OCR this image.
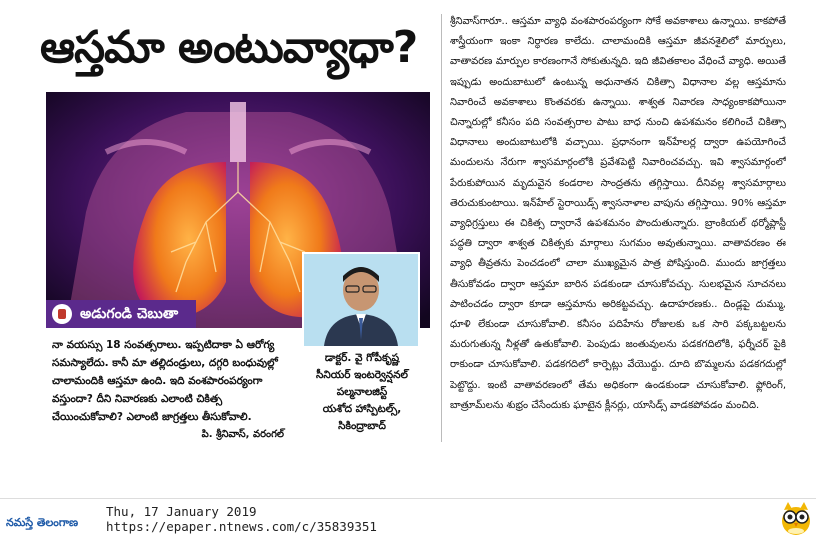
ఆస్తమా అంటువ్యాధా?
అడుగండి చెబుతా
డాక్టర్. వై గోపీకృష్ణ
సీనియర్ ఇంటర్వెన్షనల్ పల్మనాలజిస్ట్
యశోద హాస్పిటల్స్,
సికింద్రాబాద్
నా వయస్సు 18 సంవత్సరాలు. ఇప్పటిదాకా ఏ ఆరోగ్య సమస్యాలేదు. కానీ మా తల్లిదండ్రులు, దగ్గరి బంధువుల్లో చాలామందికి ఆస్తమా ఉంది. ఇది వంశపారంపర్యంగా వస్తుందా? దీని నివారణకు ఎలాంటి చికిత్స చేయించుకోవాలి? ఎలాంటి జాగ్రత్తలు తీసుకోవాలి.
పి. శ్రీనివాస్, వరంగల్
శ్రీనివాస్‌గారూ.. ఆస్తమా వ్యాధి వంశపారంపర్యంగా సోకే అవకాశాలు ఉన్నాయి. కాకపోతే శాస్త్రీయంగా ఇంకా నిర్ధారణ కాలేదు. చాలామందికి ఆస్తమా జీవనశైలిలో మార్పులు, వాతావరణ మార్పుల కారణంగానే సోకుతున్నది. ఇది జీవితకాలం వేధించే వ్యాధి. అయితే ఇప్పుడు అందుబాటులో ఉంటున్న అధునాతన చికిత్సా విధానాల వల్ల ఆస్తమాను నివారించే అవకాశాలు కొంతవరకు ఉన్నాయి. శాశ్వత నివారణ సాధ్యంకాకపోయినా చిన్నారుల్లో కనీసం పది సంవత్సరాల పాటు బాధ నుంచి ఉపశమనం కలిగించే చికిత్సా విధానాలు అందుబాటులోకి వచ్చాయి. ప్రధానంగా ఇన్‌హేలర్ల ద్వారా ఉపయోగించే మందులను నేరుగా శ్వాసమార్గంలోకి ప్రవేశపెట్టి నివారించవచ్చు. ఇవి శ్వాసమార్గంలో పేరుకుపోయిన మృదువైన కండరాల సాంద్రతను తగ్గిస్తాయి. దీనివల్ల శ్వాసమార్గాలు తెరుచుకుంటాయి. ఇన్‌హేల్ స్టెరాయిడ్స్ శ్వాసనాళాల వాపును తగ్గిస్తాయి. 90% ఆస్తమా వ్యాధిగ్రస్తులు ఈ చికిత్స ద్వారానే ఉపశమనం పొందుతున్నారు. బ్రాంకియల్ థర్మోప్లాస్టీ పద్ధతి ద్వారా శాశ్వత చికిత్సకు మార్గాలు సుగమం అవుతున్నాయి. వాతావరణం ఈ వ్యాధి తీవ్రతను పెంచడంలో చాలా ముఖ్యమైన పాత్ర పోషిస్తుంది. ముందు జాగ్రత్తలు తీసుకోవడం ద్వారా ఆస్తమా బారిన పడకుండా చూసుకోవచ్చు. సులభమైన సూచనలు పాటించడం ద్వారా కూడా ఆస్తమాను అరికట్టవచ్చు. ఉదాహరణకు.. దిండ్లపై దుమ్ము, ధూళి లేకుండా చూసుకోవాలి. కనీసం పదిహేను రోజులకు ఒక సారి పక్కబట్టలను మరుగుతున్న నీళ్లతో ఉతుకోవాలి. పెంపుడు జంతువులను పడకగదిలోకి, ఫర్నీచర్ పైకి రాకుండా చూసుకోవాలి. పడకగదిలో కార్పెట్లు వేయొద్దు. దూది బొమ్మలను పడకగదుల్లో పెట్టొద్దు. ఇంటి వాతావరణంలో తేమ అధికంగా ఉండకుండా చూసుకోవాలి. ఫ్లోరింగ్, బాత్రూమ్‌లను శుభ్రం చేసేందుకు ఘాటైన క్లీనర్లు, యాసిడ్స్ వాడకపోవడం మంచిది.
నమస్తే తెలంగాణ
Thu, 17 January 2019
https://epaper.ntnews.com/c/35839351
